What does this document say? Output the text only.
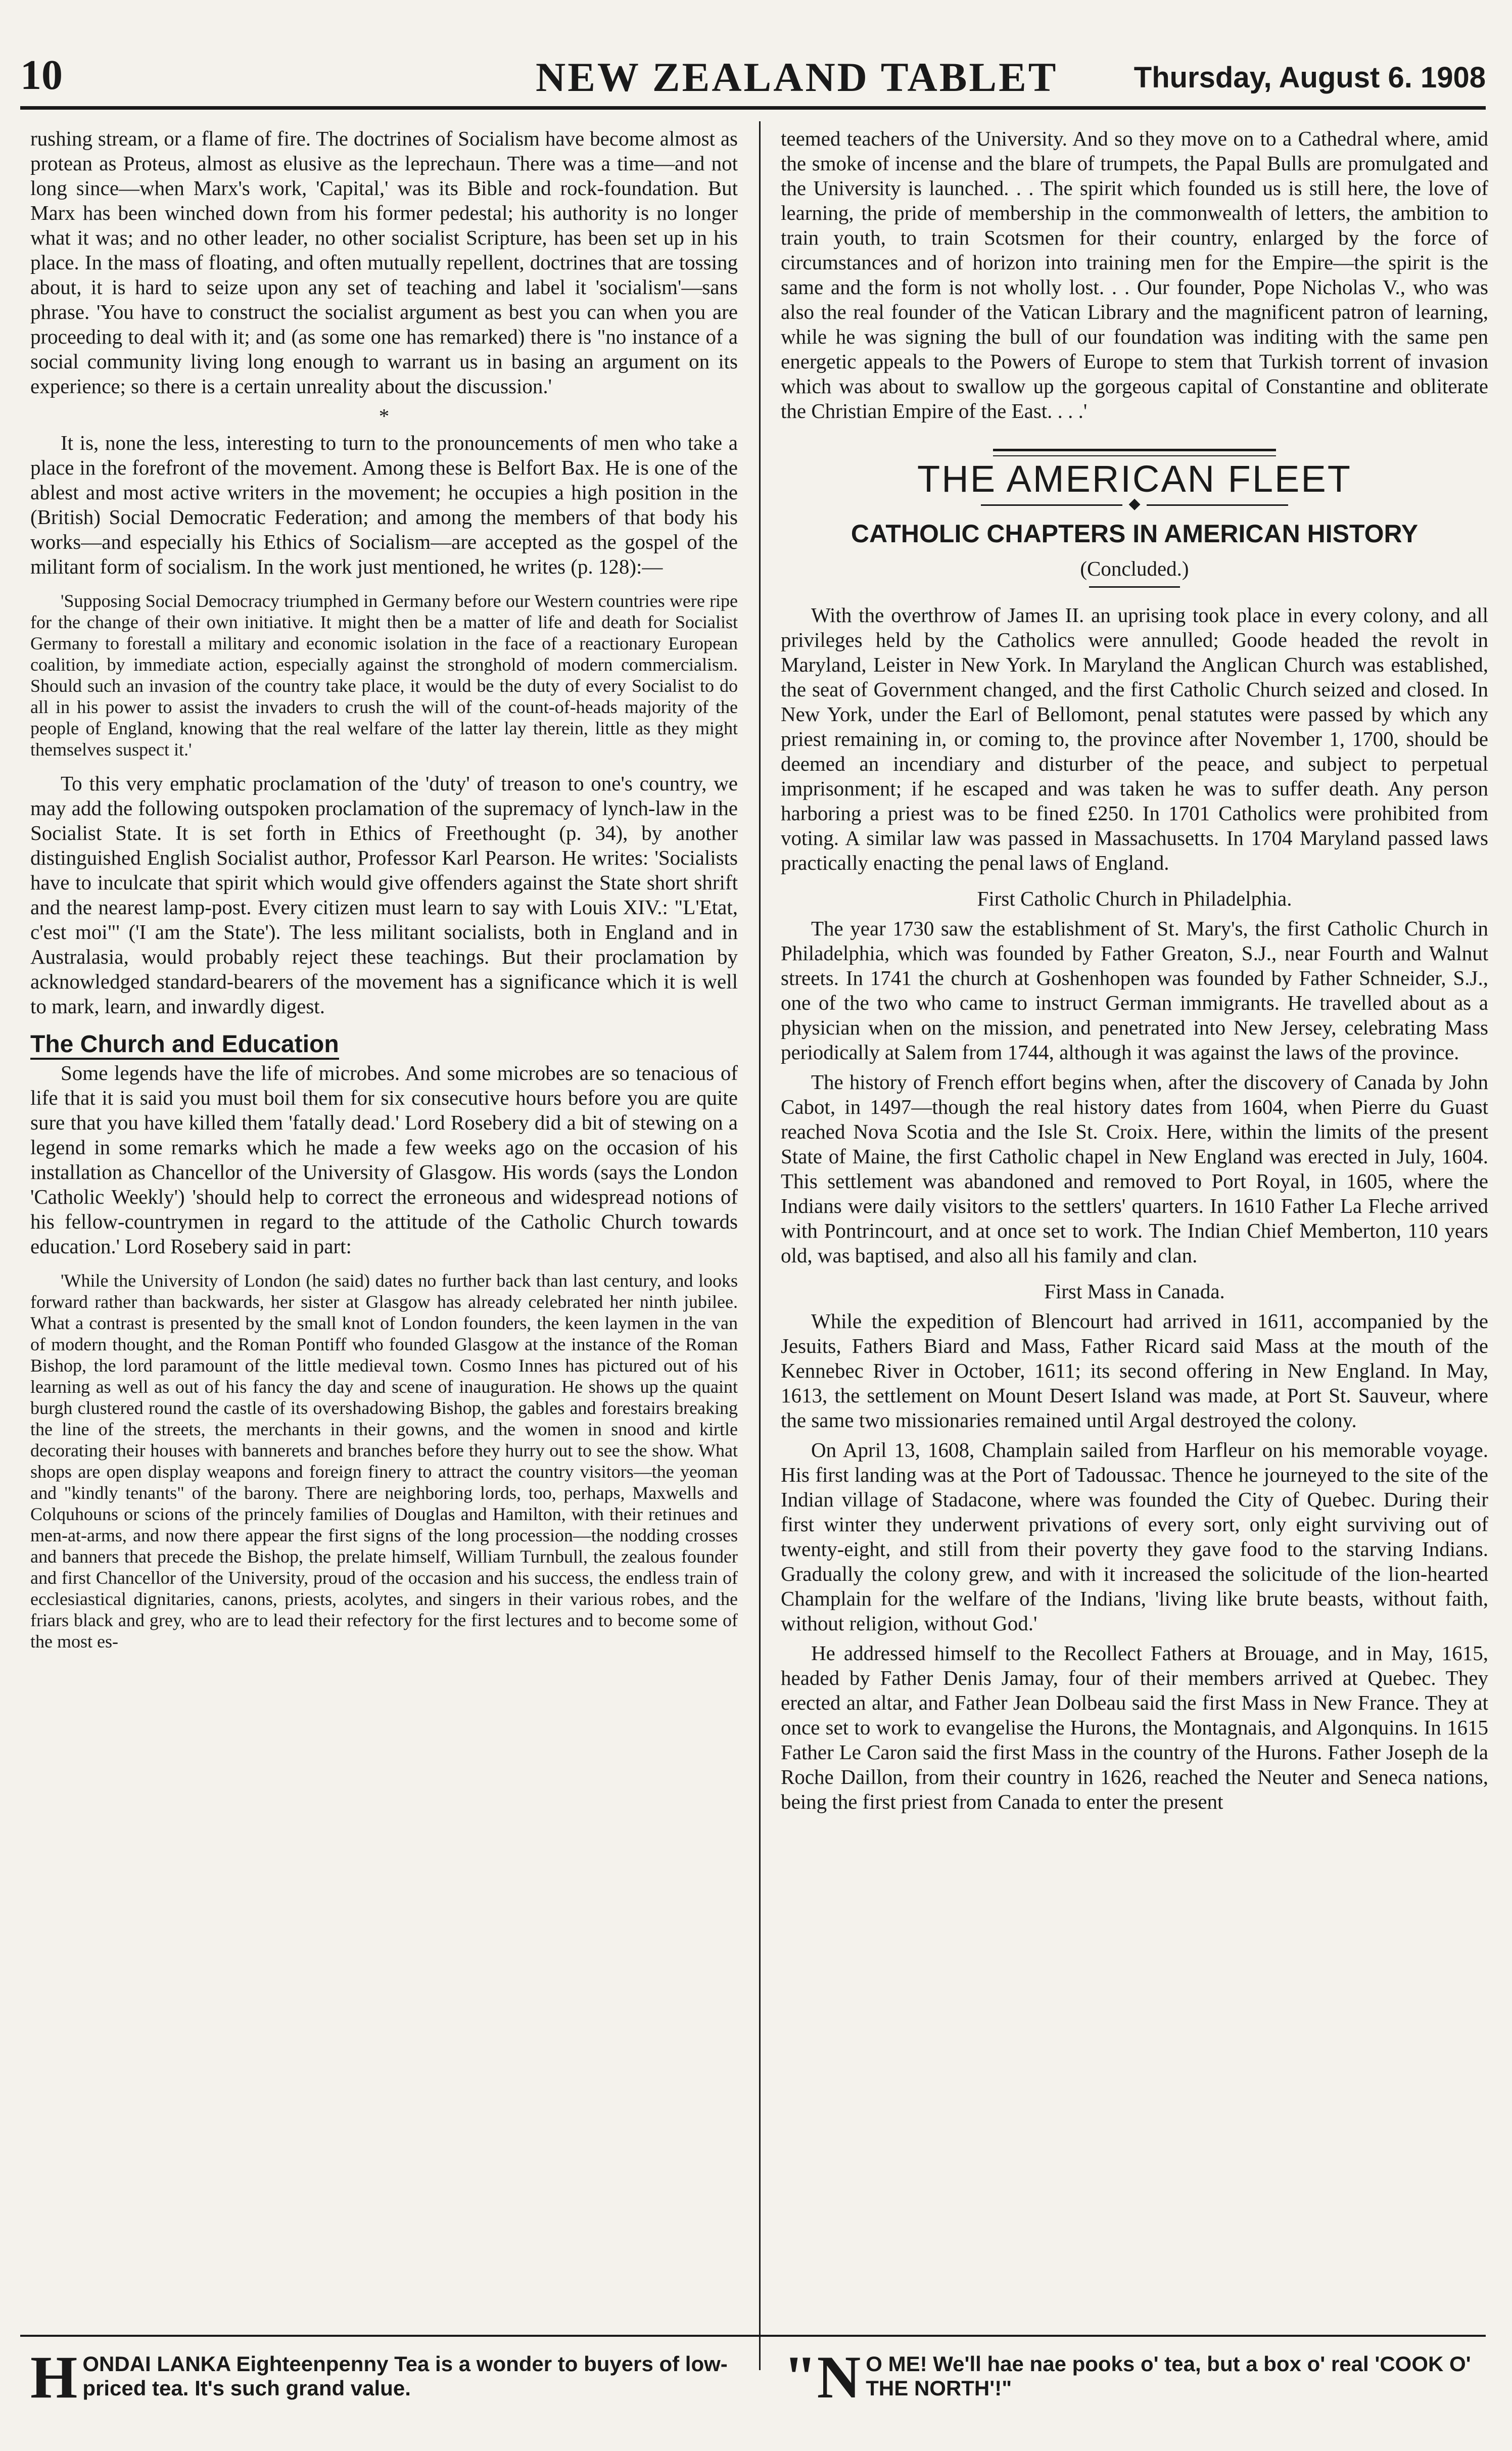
10	NEW ZEALAND TABLET	Thursday, August 6. 1908

rushing stream, or a flame of fire. The doctrines of Socialism have become almost as protean as Proteus, almost as elusive as the leprechaun. There was a time—and not long since—when Marx's work, 'Capital,' was its Bible and rock-foundation. But Marx has been winched down from his former pedestal; his authority is no longer what it was; and no other leader, no other socialist Scripture, has been set up in his place. In the mass of floating, and often mutually repellent, doctrines that are tossing about, it is hard to seize upon any set of teaching and label it 'socialism'—sans phrase. 'You have to construct the socialist argument as best you can when you are proceeding to deal with it; and (as some one has remarked) there is "no instance of a social community living long enough to warrant us in basing an argument on its experience; so there is a certain unreality about the discussion.'

*

It is, none the less, interesting to turn to the pronouncements of men who take a place in the forefront of the movement. Among these is Belfort Bax. He is one of the ablest and most active writers in the movement; he occupies a high position in the (British) Social Democratic Federation; and among the members of that body his works—and especially his Ethics of Socialism—are accepted as the gospel of the militant form of socialism. In the work just mentioned, he writes (p. 128):—

'Supposing Social Democracy triumphed in Germany before our Western countries were ripe for the change of their own initiative. It might then be a matter of life and death for Socialist Germany to forestall a military and economic isolation in the face of a reactionary European coalition, by immediate action, especially against the stronghold of modern commercialism. Should such an invasion of the country take place, it would be the duty of every Socialist to do all in his power to assist the invaders to crush the will of the count-of-heads majority of the people of England, knowing that the real welfare of the latter lay therein, little as they might themselves suspect it.'

To this very emphatic proclamation of the 'duty' of treason to one's country, we may add the following outspoken proclamation of the supremacy of lynch-law in the Socialist State. It is set forth in Ethics of Freethought (p. 34), by another distinguished English Socialist author, Professor Karl Pearson. He writes: 'Socialists have to inculcate that spirit which would give offenders against the State short shrift and the nearest lamp-post. Every citizen must learn to say with Louis XIV.: "L'Etat, c'est moi"' ('I am the State'). The less militant socialists, both in England and in Australasia, would probably reject these teachings. But their proclamation by acknowledged standard-bearers of the movement has a significance which it is well to mark, learn, and inwardly digest.

The Church and Education

Some legends have the life of microbes. And some microbes are so tenacious of life that it is said you must boil them for six consecutive hours before you are quite sure that you have killed them 'fatally dead.' Lord Rosebery did a bit of stewing on a legend in some remarks which he made a few weeks ago on the occasion of his installation as Chancellor of the University of Glasgow. His words (says the London 'Catholic Weekly') 'should help to correct the erroneous and widespread notions of his fellow-countrymen in regard to the attitude of the Catholic Church towards education.' Lord Rosebery said in part:

'While the University of London (he said) dates no further back than last century, and looks forward rather than backwards, her sister at Glasgow has already celebrated her ninth jubilee. What a contrast is presented by the small knot of London founders, the keen laymen in the van of modern thought, and the Roman Pontiff who founded Glasgow at the instance of the Roman Bishop, the lord paramount of the little medieval town. Cosmo Innes has pictured out of his learning as well as out of his fancy the day and scene of inauguration. He shows up the quaint burgh clustered round the castle of its overshadowing Bishop, the gables and forestairs breaking the line of the streets, the merchants in their gowns, and the women in snood and kirtle decorating their houses with bannerets and branches before they hurry out to see the show. What shops are open display weapons and foreign finery to attract the country visitors—the yeoman and "kindly tenants" of the barony. There are neighboring lords, too, perhaps, Maxwells and Colquhouns or scions of the princely families of Douglas and Hamilton, with their retinues and men-at-arms, and now there appear the first signs of the long procession—the nodding crosses and banners that precede the Bishop, the prelate himself, William Turnbull, the zealous founder and first Chancellor of the University, proud of the occasion and his success, the endless train of ecclesiastical dignitaries, canons, priests, acolytes, and singers in their various robes, and the friars black and grey, who are to lead their refectory for the first lectures and to become some of the most es-

teemed teachers of the University. And so they move on to a Cathedral where, amid the smoke of incense and the blare of trumpets, the Papal Bulls are promulgated and the University is launched. . . The spirit which founded us is still here, the love of learning, the pride of membership in the commonwealth of letters, the ambition to train youth, to train Scotsmen for their country, enlarged by the force of circumstances and of horizon into training men for the Empire—the spirit is the same and the form is not wholly lost. . . Our founder, Pope Nicholas V., who was also the real founder of the Vatican Library and the magnificent patron of learning, while he was signing the bull of our foundation was inditing with the same pen energetic appeals to the Powers of Europe to stem that Turkish torrent of invasion which was about to swallow up the gorgeous capital of Constantine and obliterate the Christian Empire of the East. . . .'

THE AMERICAN FLEET
◆
CATHOLIC CHAPTERS IN AMERICAN HISTORY
(Concluded.)

With the overthrow of James II. an uprising took place in every colony, and all privileges held by the Catholics were annulled; Goode headed the revolt in Maryland, Leister in New York. In Maryland the Anglican Church was established, the seat of Government changed, and the first Catholic Church seized and closed. In New York, under the Earl of Bellomont, penal statutes were passed by which any priest remaining in, or coming to, the province after November 1, 1700, should be deemed an incendiary and disturber of the peace, and subject to perpetual imprisonment; if he escaped and was taken he was to suffer death. Any person harboring a priest was to be fined £250. In 1701 Catholics were prohibited from voting. A similar law was passed in Massachusetts. In 1704 Maryland passed laws practically enacting the penal laws of England.

First Catholic Church in Philadelphia.

The year 1730 saw the establishment of St. Mary's, the first Catholic Church in Philadelphia, which was founded by Father Greaton, S.J., near Fourth and Walnut streets. In 1741 the church at Goshenhopen was founded by Father Schneider, S.J., one of the two who came to instruct German immigrants. He travelled about as a physician when on the mission, and penetrated into New Jersey, celebrating Mass periodically at Salem from 1744, although it was against the laws of the province.

The history of French effort begins when, after the discovery of Canada by John Cabot, in 1497—though the real history dates from 1604, when Pierre du Guast reached Nova Scotia and the Isle St. Croix. Here, within the limits of the present State of Maine, the first Catholic chapel in New England was erected in July, 1604. This settlement was abandoned and removed to Port Royal, in 1605, where the Indians were daily visitors to the settlers' quarters. In 1610 Father La Fleche arrived with Pontrincourt, and at once set to work. The Indian Chief Memberton, 110 years old, was baptised, and also all his family and clan.

First Mass in Canada.

While the expedition of Blencourt had arrived in 1611, accompanied by the Jesuits, Fathers Biard and Mass, Father Ricard said Mass at the mouth of the Kennebec River in October, 1611; its second offering in New England. In May, 1613, the settlement on Mount Desert Island was made, at Port St. Sauveur, where the same two missionaries remained until Argal destroyed the colony.

On April 13, 1608, Champlain sailed from Harfleur on his memorable voyage. His first landing was at the Port of Tadoussac. Thence he journeyed to the site of the Indian village of Stadacone, where was founded the City of Quebec. During their first winter they underwent privations of every sort, only eight surviving out of twenty-eight, and still from their poverty they gave food to the starving Indians. Gradually the colony grew, and with it increased the solicitude of the lion-hearted Champlain for the welfare of the Indians, 'living like brute beasts, without faith, without religion, without God.'

He addressed himself to the Recollect Fathers at Brouage, and in May, 1615, headed by Father Denis Jamay, four of their members arrived at Quebec. They erected an altar, and Father Jean Dolbeau said the first Mass in New France. They at once set to work to evangelise the Hurons, the Montagnais, and Algonquins. In 1615 Father Le Caron said the first Mass in the country of the Hurons. Father Joseph de la Roche Daillon, from their country in 1626, reached the Neuter and Seneca nations, being the first priest from Canada to enter the present

H ONDAI LANKA Eighteenpenny Tea is a wonder to buyers of low-priced tea. It's such grand value.	"N O ME! We'll hae nae pooks o' tea, but a box o' real 'COOK O' THE NORTH'!"
